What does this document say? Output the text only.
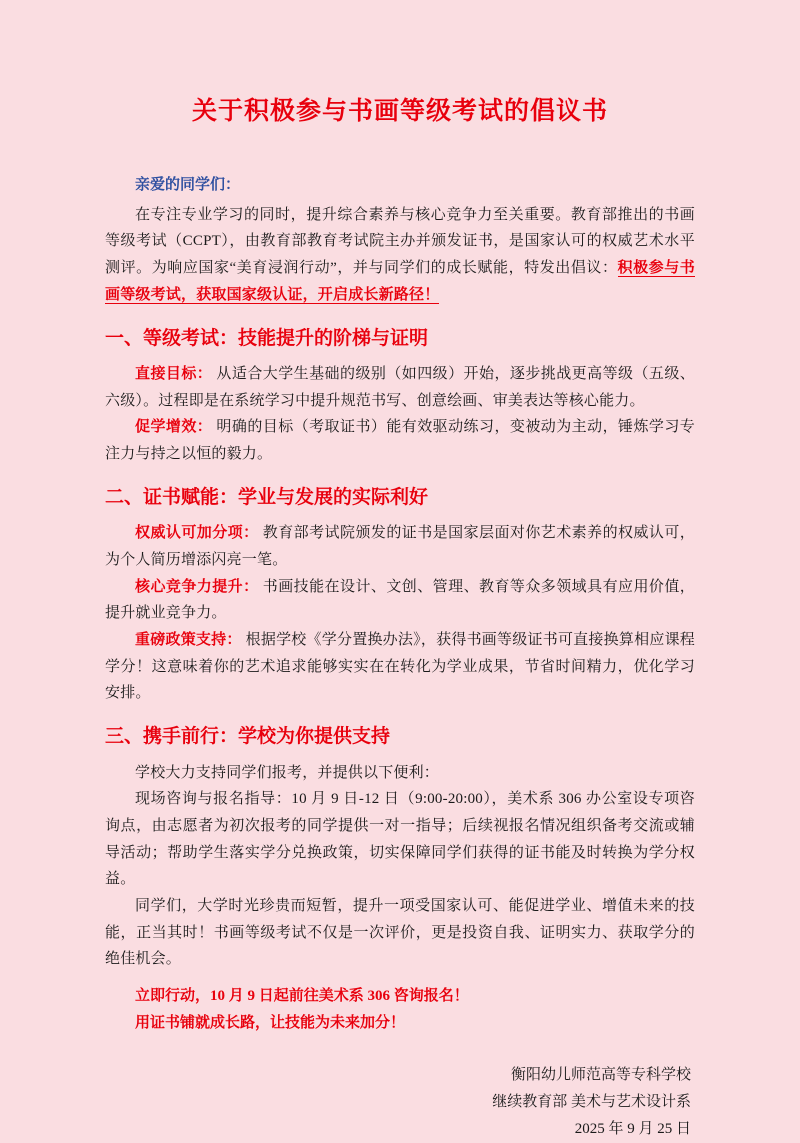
关于积极参与书画等级考试的倡议书

亲爱的同学们：

在专注专业学习的同时，提升综合素养与核心竞争力至关重要。教育部推出的书画等级考试（CCPT），由教育部教育考试院主办并颁发证书，是国家认可的权威艺术水平测评。为响应国家“美育浸润行动”，并与同学们的成长赋能，特发出倡议：积极参与书画等级考试，获取国家级认证，开启成长新路径！

一、等级考试：技能提升的阶梯与证明

直接目标： 从适合大学生基础的级别（如四级）开始，逐步挑战更高等级（五级、六级）。过程即是在系统学习中提升规范书写、创意绘画、审美表达等核心能力。

促学增效： 明确的目标（考取证书）能有效驱动练习，变被动为主动，锤炼学习专注力与持之以恒的毅力。

二、证书赋能：学业与发展的实际利好

权威认可加分项： 教育部考试院颁发的证书是国家层面对你艺术素养的权威认可，为个人简历增添闪亮一笔。

核心竞争力提升： 书画技能在设计、文创、管理、教育等众多领域具有应用价值，提升就业竞争力。

重磅政策支持： 根据学校《学分置换办法》，获得书画等级证书可直接换算相应课程学分！这意味着你的艺术追求能够实实在在转化为学业成果，节省时间精力，优化学习安排。

三、携手前行：学校为你提供支持

学校大力支持同学们报考，并提供以下便利：

现场咨询与报名指导：10 月 9 日-12 日（9:00-20:00），美术系 306 办公室设专项咨询点，由志愿者为初次报考的同学提供一对一指导；后续视报名情况组织备考交流或辅导活动；帮助学生落实学分兑换政策，切实保障同学们获得的证书能及时转换为学分权益。

同学们，大学时光珍贵而短暂，提升一项受国家认可、能促进学业、增值未来的技能，正当其时！书画等级考试不仅是一次评价，更是投资自我、证明实力、获取学分的绝佳机会。

立即行动，10 月 9 日起前往美术系 306 咨询报名！

用证书铺就成长路，让技能为未来加分！

衡阳幼儿师范高等专科学校
继续教育部 美术与艺术设计系
2025 年 9 月 25 日
